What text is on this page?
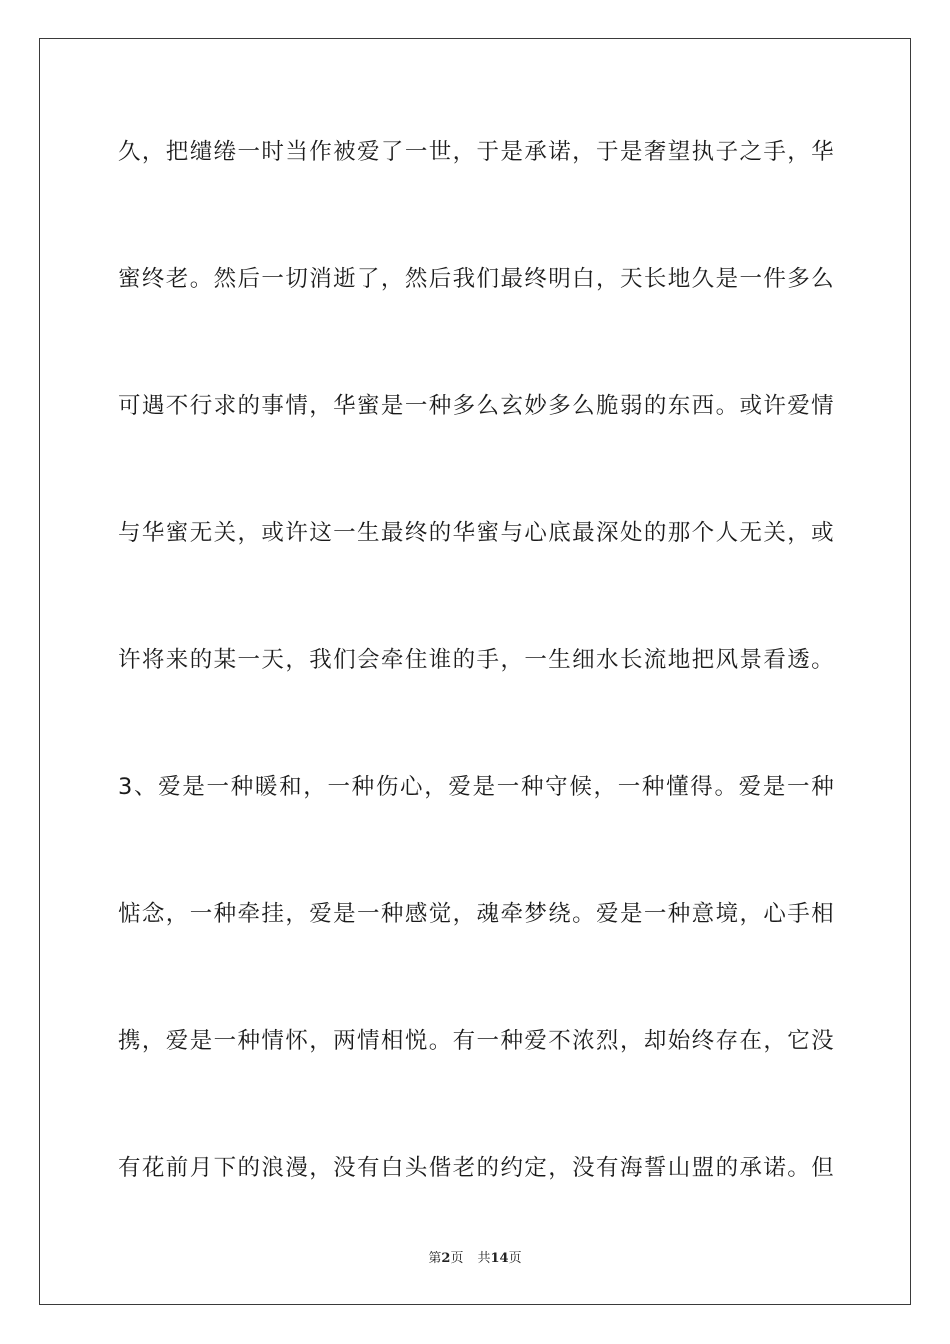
久，把缱绻一时当作被爱了一世，于是承诺，于是奢望执子之手，华
蜜终老。然后一切消逝了，然后我们最终明白，天长地久是一件多么
可遇不行求的事情，华蜜是一种多么玄妙多么脆弱的东西。或许爱情
与华蜜无关，或许这一生最终的华蜜与心底最深处的那个人无关，或
许将来的某一天，我们会牵住谁的手，一生细水长流地把风景看透。
3、爱是一种暖和，一种伤心，爱是一种守候，一种懂得。爱是一种
惦念，一种牵挂，爱是一种感觉，魂牵梦绕。爱是一种意境，心手相
携，爱是一种情怀，两情相悦。有一种爱不浓烈，却始终存在，它没
有花前月下的浪漫，没有白头偕老的约定，没有海誓山盟的承诺。但
第2页 共14页
